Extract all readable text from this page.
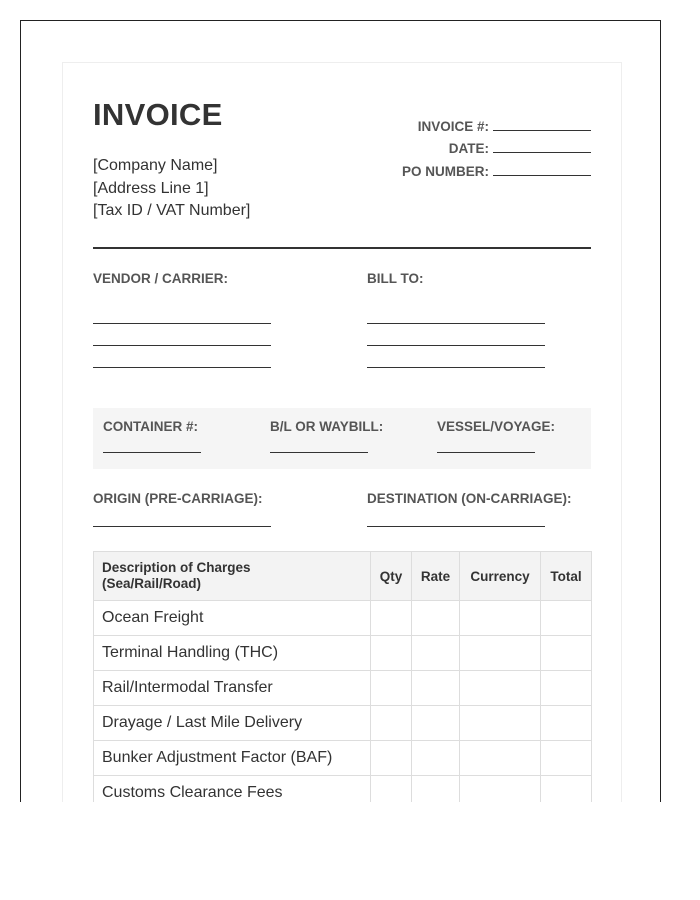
INVOICE
[Company Name]
[Address Line 1]
[Tax ID / VAT Number]
INVOICE #:
DATE:
PO NUMBER:
VENDOR / CARRIER:	BILL TO:
CONTAINER #:	B/L OR WAYBILL:	VESSEL/VOYAGE:
ORIGIN (PRE-CARRIAGE):	DESTINATION (ON-CARRIAGE):
Description of Charges
(Sea/Rail/Road)	Qty	Rate	Currency	Total
Ocean Freight				
Terminal Handling (THC)				
Rail/Intermodal Transfer				
Drayage / Last Mile Delivery				
Bunker Adjustment Factor (BAF)				
Customs Clearance Fees				
